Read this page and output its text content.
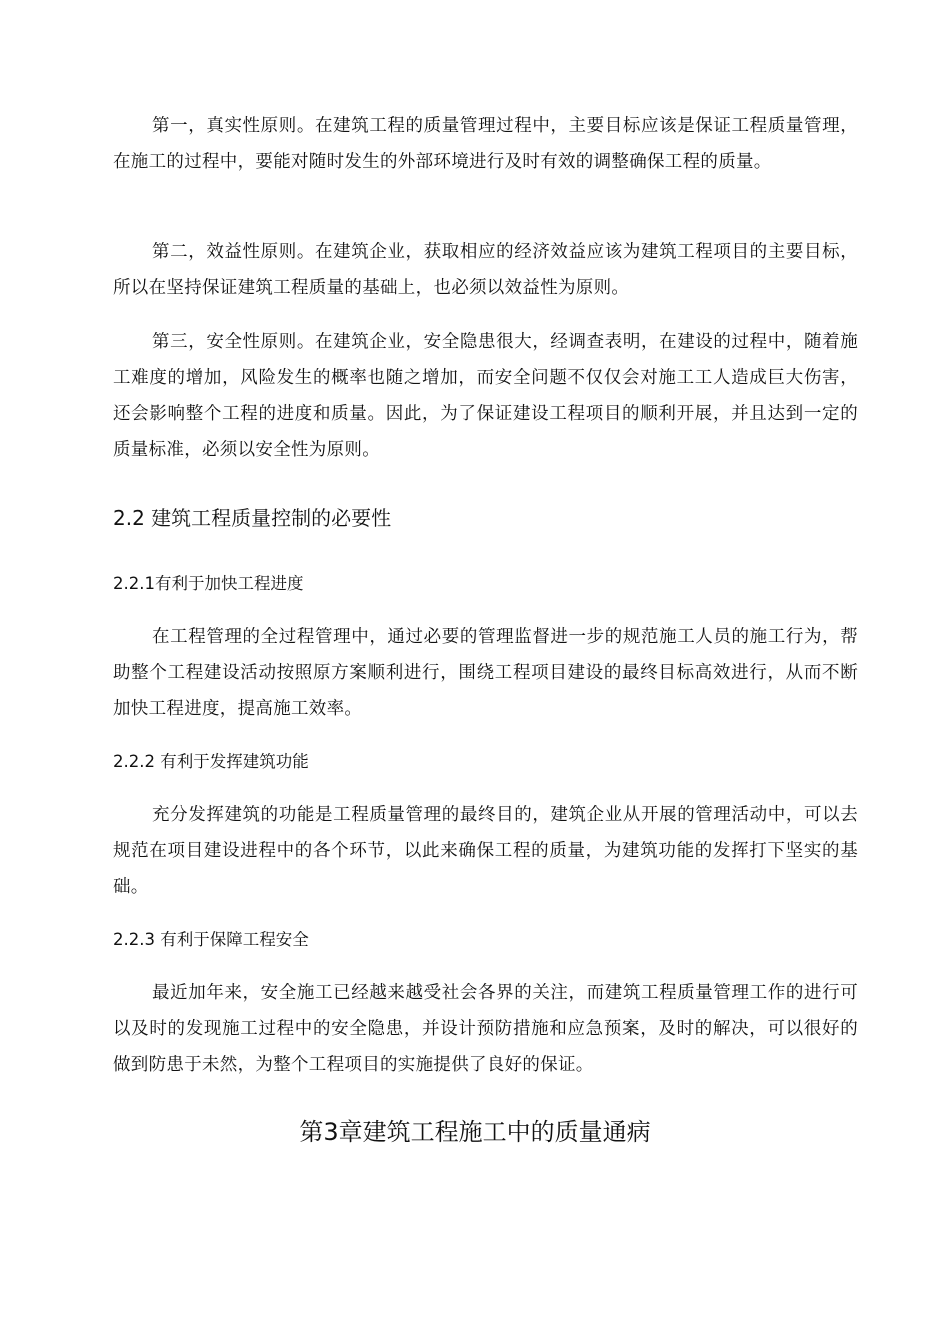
第一，真实性原则。在建筑工程的质量管理过程中，主要目标应该是保证工程质量管理，在施工的过程中，要能对随时发生的外部环境进行及时有效的调整确保工程的质量。

第二，效益性原则。在建筑企业，获取相应的经济效益应该为建筑工程项目的主要目标，所以在坚持保证建筑工程质量的基础上，也必须以效益性为原则。

第三，安全性原则。在建筑企业，安全隐患很大，经调查表明，在建设的过程中，随着施工难度的增加，风险发生的概率也随之增加，而安全问题不仅仅会对施工工人造成巨大伤害，还会影响整个工程的进度和质量。因此，为了保证建设工程项目的顺利开展，并且达到一定的质量标准，必须以安全性为原则。

2.2 建筑工程质量控制的必要性
2.2.1有利于加快工程进度

在工程管理的全过程管理中，通过必要的管理监督进一步的规范施工人员的施工行为，帮助整个工程建设活动按照原方案顺利进行，围绕工程项目建设的最终目标高效进行，从而不断加快工程进度，提高施工效率。

2.2.2 有利于发挥建筑功能

充分发挥建筑的功能是工程质量管理的最终目的，建筑企业从开展的管理活动中，可以去规范在项目建设进程中的各个环节，以此来确保工程的质量，为建筑功能的发挥打下坚实的基础。

2.2.3 有利于保障工程安全

最近加年来，安全施工已经越来越受社会各界的关注，而建筑工程质量管理工作的进行可以及时的发现施工过程中的安全隐患，并设计预防措施和应急预案，及时的解决，可以很好的做到防患于未然，为整个工程项目的实施提供了良好的保证。

第3章建筑工程施工中的质量通病
